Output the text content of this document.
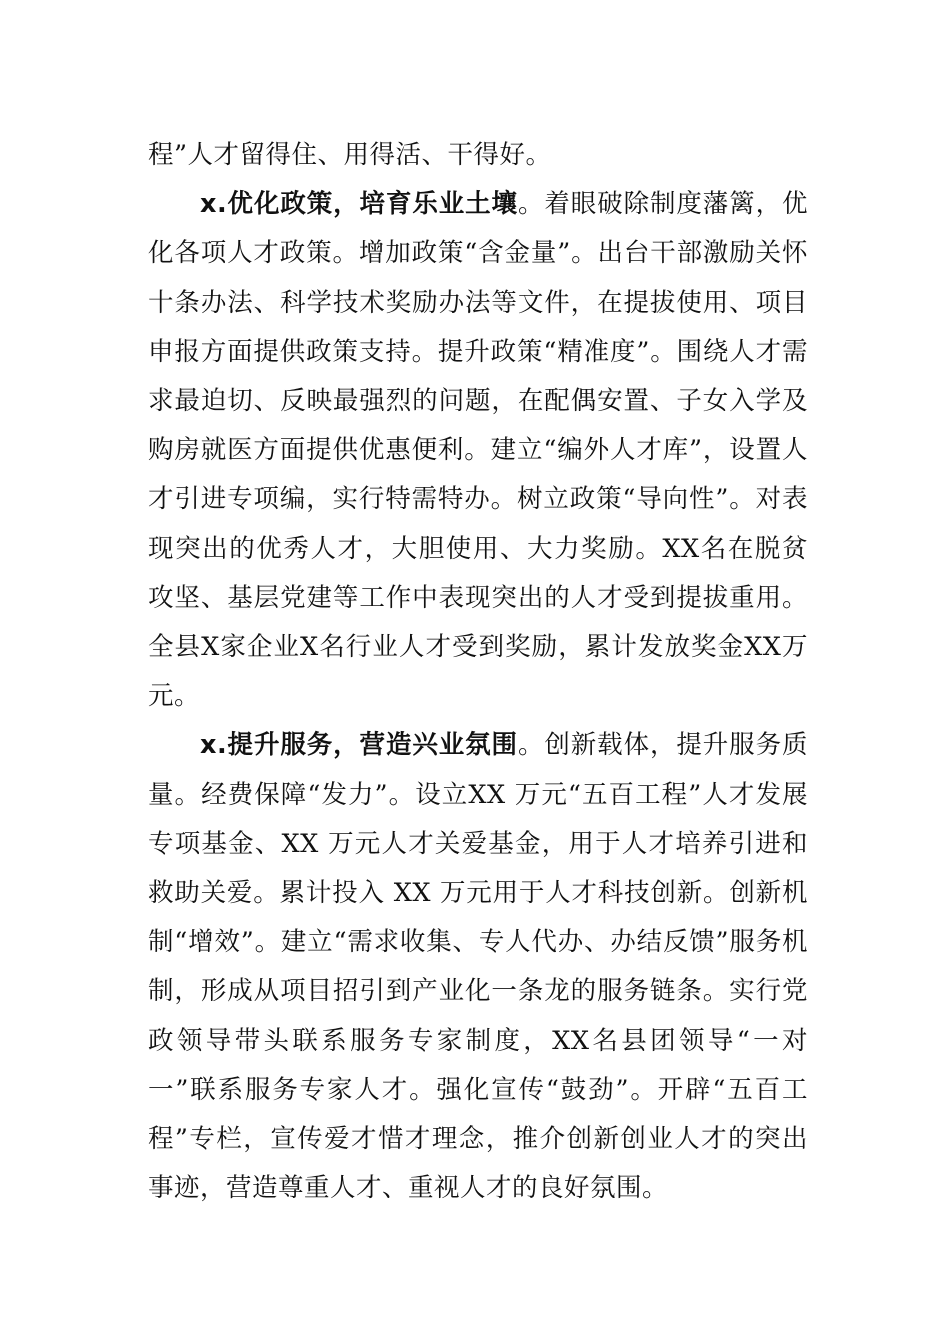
程”人才留得住、用得活、干得好。

x.优化政策，培育乐业土壤。着眼破除制度藩篱，优化各项人才政策。增加政策“含金量”。出台干部激励关怀十条办法、科学技术奖励办法等文件，在提拔使用、项目申报方面提供政策支持。提升政策“精准度”。围绕人才需求最迫切、反映最强烈的问题，在配偶安置、子女入学及购房就医方面提供优惠便利。建立“编外人才库”，设置人才引进专项编，实行特需特办。树立政策“导向性”。对表现突出的优秀人才，大胆使用、大力奖励。XX名在脱贫攻坚、基层党建等工作中表现突出的人才受到提拔重用。全县X家企业X名行业人才受到奖励，累计发放奖金XX万元。

x.提升服务，营造兴业氛围。创新载体，提升服务质量。经费保障“发力”。设立XX 万元“五百工程”人才发展专项基金、XX 万元人才关爱基金，用于人才培养引进和救助关爱。累计投入 XX 万元用于人才科技创新。创新机制“增效”。建立“需求收集、专人代办、办结反馈”服务机制，形成从项目招引到产业化一条龙的服务链条。实行党政领导带头联系服务专家制度，XX名县团领导“一对一”联系服务专家人才。强化宣传“鼓劲”。开辟“五百工程”专栏，宣传爱才惜才理念，推介创新创业人才的突出事迹，营造尊重人才、重视人才的良好氛围。
